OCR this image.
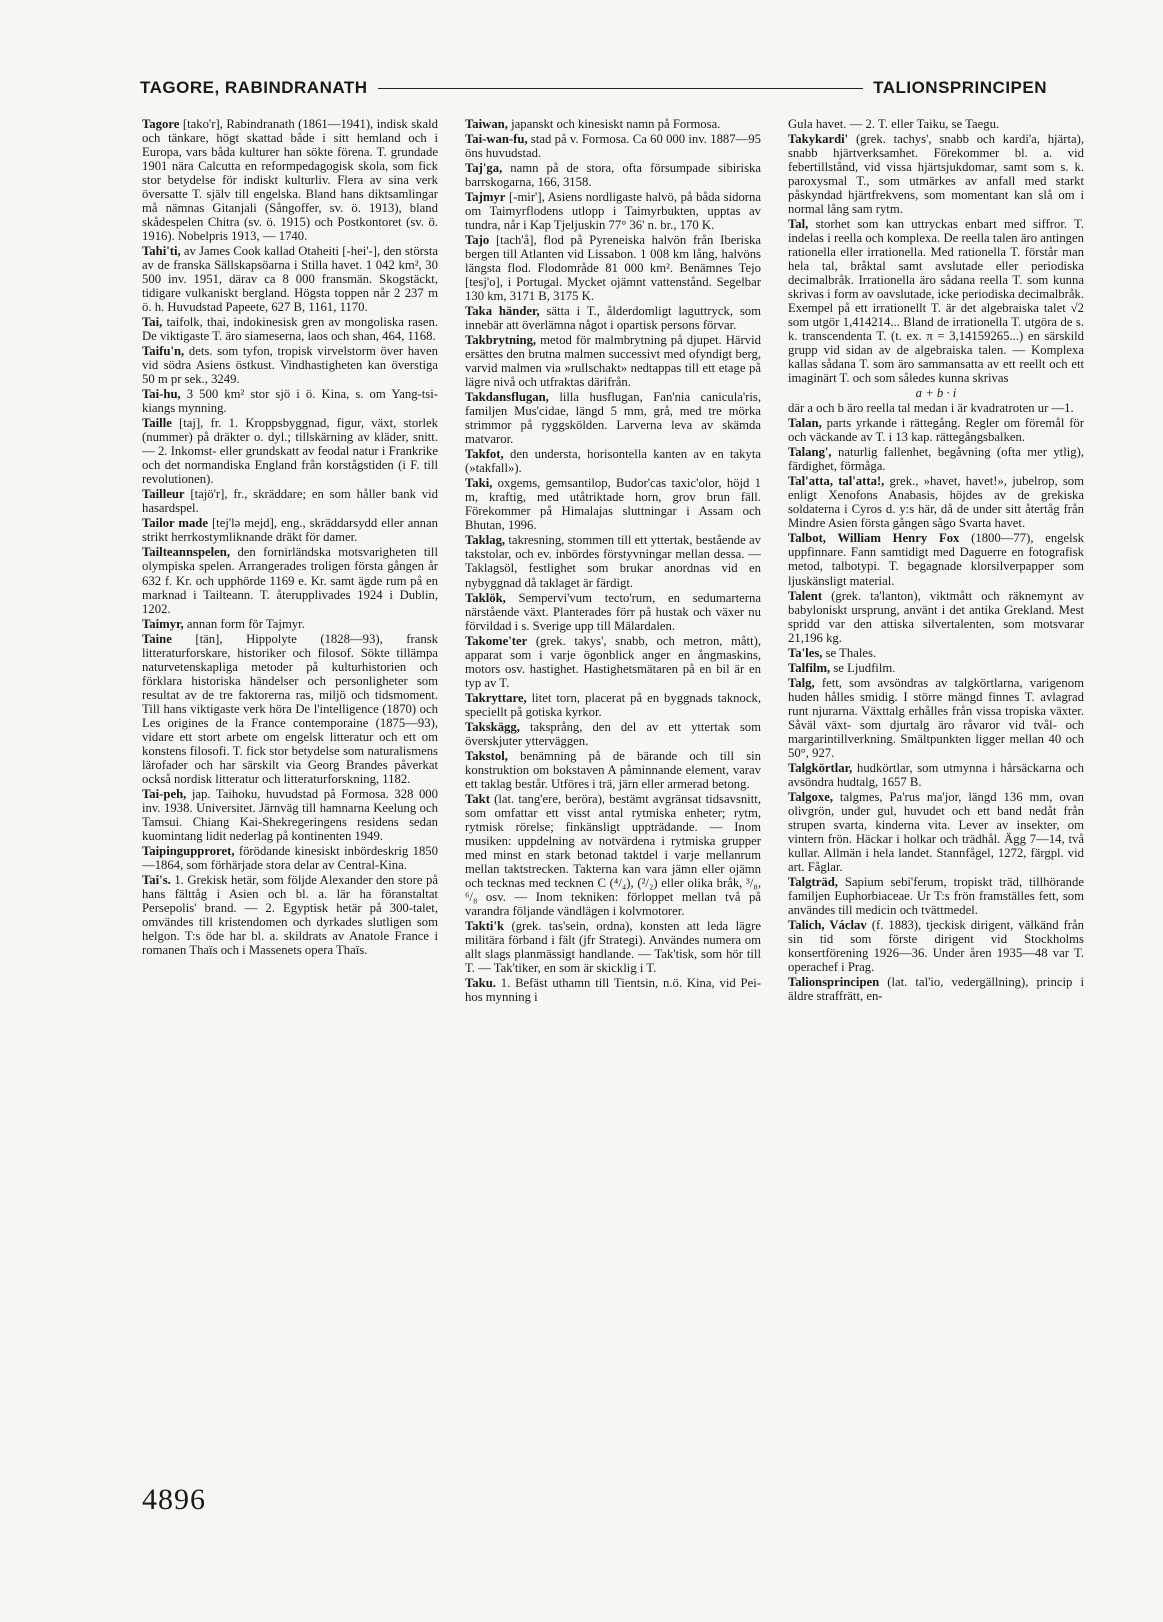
TAGORE, RABINDRANATH	TALIONSPRINCIPEN
Tagore [tako'r], Rabindranath (1861—1941), indisk skald och tänkare, högt skattad både i sitt hemland och i Europa, vars båda kulturer han sökte förena. T. grundade 1901 nära Calcutta en reformpedagogisk skola, som fick stor betydelse för indiskt kulturliv. Flera av sina verk översatte T. själv till engelska. Bland hans diktsamlingar må nämnas Gitanjali (Sångoffer, sv. ö. 1913), bland skådespelen Chitra (sv. ö. 1915) och Postkontoret (sv. ö. 1916). Nobelpris 1913, — 1740.
Tahi'ti, av James Cook kallad Otaheiti [-hei'-], den största av de franska Sällskapsöarna i Stilla havet. 1 042 km², 30 500 inv. 1951, därav ca 8 000 fransmän. Skogstäckt, tidigare vulkaniskt bergland. Högsta toppen når 2 237 m ö. h. Huvudstad Papeete, 627 B, 1161, 1170.
Tai, taifolk, thai, indokinesisk gren av mongoliska rasen. De viktigaste T. äro siameserna, laos och shan, 464, 1168.
Taifu'n, dets. som tyfon, tropisk virvelstorm över haven vid södra Asiens östkust. Vindhastigheten kan överstiga 50 m pr sek., 3249.
Tai-hu, 3 500 km² stor sjö i ö. Kina, s. om Yang-tsi-kiangs mynning.
Taille [taj], fr. 1. Kroppsbyggnad, figur, växt, storlek (nummer) på dräkter o. dyl.; tillskärning av kläder, snitt. — 2. Inkomst- eller grundskatt av feodal natur i Frankrike och det normandiska England från korstågstiden (i F. till revolutionen).
Tailleur [tajö'r], fr., skräddare; en som håller bank vid hasardspel.
Tailor made [tej'lə mejd], eng., skräddarsydd eller annan strikt herrkostymliknande dräkt för damer.
Tailteannspelen, den fornirländska motsvarigheten till olympiska spelen. Arrangerades troligen första gången år 632 f. Kr. och upphörde 1169 e. Kr. samt ägde rum på en marknad i Tailteann. T. återupplivades 1924 i Dublin, 1202.
Taimyr, annan form för Tajmyr.
Taine [tän], Hippolyte (1828—93), fransk litteraturforskare, historiker och filosof. Sökte tillämpa naturvetenskapliga metoder på kulturhistorien och förklara historiska händelser och personligheter som resultat av de tre faktorerna ras, miljö och tidsmoment. Till hans viktigaste verk höra De l'intelligence (1870) och Les origines de la France contemporaine (1875—93), vidare ett stort arbete om engelsk litteratur och ett om konstens filosofi. T. fick stor betydelse som naturalismens lärofader och har särskilt via Georg Brandes påverkat också nordisk litteratur och litteraturforskning, 1182.
Tai-peh, jap. Taihoku, huvudstad på Formosa. 328 000 inv. 1938. Universitet. Järnväg till hamnarna Keelung och Tamsui. Chiang Kai-Shekregeringens residens sedan kuomintang lidit nederlag på kontinenten 1949.
Taipingupproret, förödande kinesiskt inbördeskrig 1850—1864, som förhärjade stora delar av Central-Kina.
Tai's. 1. Grekisk hetär, som följde Alexander den store på hans fälttåg i Asien och bl. a. lär ha föranstaltat Persepolis' brand. — 2. Egyptisk hetär på 300-talet, omvändes till kristendomen och dyrkades slutligen som helgon. T:s öde har bl. a. skildrats av Anatole France i romanen Thaïs och i Massenets opera Thaïs.
Taiwan, japanskt och kinesiskt namn på Formosa.
Tai-wan-fu, stad på v. Formosa. Ca 60 000 inv. 1887—95 öns huvudstad.
Taj'ga, namn på de stora, ofta försumpade sibiriska barrskogarna, 166, 3158.
Tajmyr [-mir'], Asiens nordligaste halvö, på båda sidorna om Taimyrflodens utlopp i Taimyrbukten, upptas av tundra, når i Kap Tjeljuskin 77° 36' n. br., 170 K.
Tajo [tach'å], flod på Pyreneiska halvön från Iberiska bergen till Atlanten vid Lissabon. 1 008 km lång, halvöns längsta flod. Flodområde 81 000 km². Benämnes Tejo [tesj'o], i Portugal. Mycket ojämnt vattenstånd. Segelbar 130 km, 3171 B, 3175 K.
Taka händer, sätta i T., ålderdomligt laguttryck, som innebär att överlämna något i opartisk persons förvar.
Takbrytning, metod för malmbrytning på djupet. Härvid ersättes den brutna malmen successivt med ofyndigt berg, varvid malmen via »rullschakt» nedtappas till ett etage på lägre nivå och utfraktas därifrån.
Takdansflugan, lilla husflugan, Fan'nia canicula'ris, familjen Mus'cidae, längd 5 mm, grå, med tre mörka strimmor på ryggskölden. Larverna leva av skämda matvaror.
Takfot, den understa, horisontella kanten av en takyta (»takfall»).
Taki, oxgems, gemsantilop, Budor'cas taxic'olor, höjd 1 m, kraftig, med utåtriktade horn, grov brun fäll. Förekommer på Himalajas sluttningar i Assam och Bhutan, 1996.
Taklag, takresning, stommen till ett yttertak, bestående av takstolar, och ev. inbördes förstyvningar mellan dessa. — Taklagsöl, festlighet som brukar anordnas vid en nybyggnad då taklaget är färdigt.
Taklök, Sempervi'vum tecto'rum, en sedumarterna närstående växt. Planterades förr på hustak och växer nu förvildad i s. Sverige upp till Mälardalen.
Takome'ter (grek. takys', snabb, och metron, mått), apparat som i varje ögonblick anger en ångmaskins, motors osv. hastighet. Hastighetsmätaren på en bil är en typ av T.
Takryttare, litet torn, placerat på en byggnads taknock, speciellt på gotiska kyrkor.
Takskägg, taksprång, den del av ett yttertak som överskjuter ytterväggen.
Takstol, benämning på de bärande och till sin konstruktion om bokstaven A påminnande element, varav ett taklag består. Utföres i trä, järn eller armerad betong.
Takt (lat. tang'ere, beröra), bestämt avgränsat tidsavsnitt, som omfattar ett visst antal rytmiska enheter; rytm, rytmisk rörelse; finkänsligt uppträdande. — Inom musiken: uppdelning av notvärdena i rytmiska grupper med minst en stark betonad taktdel i varje mellanrum mellan taktstrecken. Takterna kan vara jämn eller ojämn och tecknas med tecknen C (⁴/₄), (²/₂) eller olika bråk, ³/₈, ⁶/₈ osv. — Inom tekniken: förloppet mellan två på varandra följande vändlägen i kolvmotorer.
Takti'k (grek. tas'sein, ordna), konsten att leda lägre militära förband i fält (jfr Strategi). Användes numera om allt slags planmässigt handlande. — Tak'tisk, som hör till T. — Tak'tiker, en som är skicklig i T.
Taku. 1. Befäst uthamn till Tientsin, n.ö. Kina, vid Pei-hos mynning i
Gula havet. — 2. T. eller Taiku, se Taegu.
Takykardi' (grek. tachys', snabb och kardi'a, hjärta), snabb hjärtverksamhet. Förekommer bl. a. vid febertillstånd, vid vissa hjärtsjukdomar, samt som s. k. paroxysmal T., som utmärkes av anfall med starkt påskyndad hjärtfrekvens, som momentant kan slå om i normal lång sam rytm.
Tal, storhet som kan uttryckas enbart med siffror. T. indelas i reella och komplexa. De reella talen äro antingen rationella eller irrationella. Med rationella T. förstår man hela tal, bråktal samt avslutade eller periodiska decimalbråk. Irrationella äro sådana reella T. som kunna skrivas i form av oavslutade, icke periodiska decimalbråk. Exempel på ett irrationellt T. är det algebraiska talet √2 som utgör 1,414214... Bland de irrationella T. utgöra de s. k. transcendenta T. (t. ex. π = 3,14159265...) en särskild grupp vid sidan av de algebraiska talen. — Komplexa kallas sådana T. som äro sammansatta av ett reellt och ett imaginärt T. och som således kunna skrivas
a + b · i
där a och b äro reella tal medan i är kvadratroten ur —1.
Talan, parts yrkande i rättegång. Regler om föremål för och väckande av T. i 13 kap. rättegångsbalken.
Talang', naturlig fallenhet, begåvning (ofta mer ytlig), färdighet, förmåga.
Tal'atta, tal'atta!, grek., »havet, havet!», jubelrop, som enligt Xenofons Anabasis, höjdes av de grekiska soldaterna i Cyros d. y:s här, då de under sitt återtåg från Mindre Asien första gången sågo Svarta havet.
Talbot, William Henry Fox (1800—77), engelsk uppfinnare. Fann samtidigt med Daguerre en fotografisk metod, talbotypi. T. begagnade klorsilverpapper som ljuskänsligt material.
Talent (grek. ta'lanton), viktmått och räknemynt av babyloniskt ursprung, använt i det antika Grekland. Mest spridd var den attiska silvertalenten, som motsvarar 21,196 kg.
Ta'les, se Thales.
Talfilm, se Ljudfilm.
Talg, fett, som avsöndras av talgkörtlarna, varigenom huden hålles smidig. I större mängd finnes T. avlagrad runt njurarna. Växttalg erhålles från vissa tropiska växter. Såväl växt- som djurtalg äro råvaror vid tvål- och margarintillverkning. Smältpunkten ligger mellan 40 och 50°, 927.
Talgkörtlar, hudkörtlar, som utmynna i hårsäckarna och avsöndra hudtalg, 1657 B.
Talgoxe, talgmes, Pa'rus ma'jor, längd 136 mm, ovan olivgrön, under gul, huvudet och ett band nedåt från strupen svarta, kinderna vita. Lever av insekter, om vintern frön. Häckar i holkar och trädhål. Ägg 7—14, två kullar. Allmän i hela landet. Stannfågel, 1272, färgpl. vid art. Fåglar.
Talgträd, Sapium sebi'ferum, tropiskt träd, tillhörande familjen Euphorbiaceae. Ur T:s frön framställes fett, som användes till medicin och tvättmedel.
Talich, Václav (f. 1883), tjeckisk dirigent, välkänd från sin tid som förste dirigent vid Stockholms konsertförening 1926—36. Under åren 1935—48 var T. operachef i Prag.
Talionsprincipen (lat. tal'io, vedergällning), princip i äldre straffrätt, en-
4896
